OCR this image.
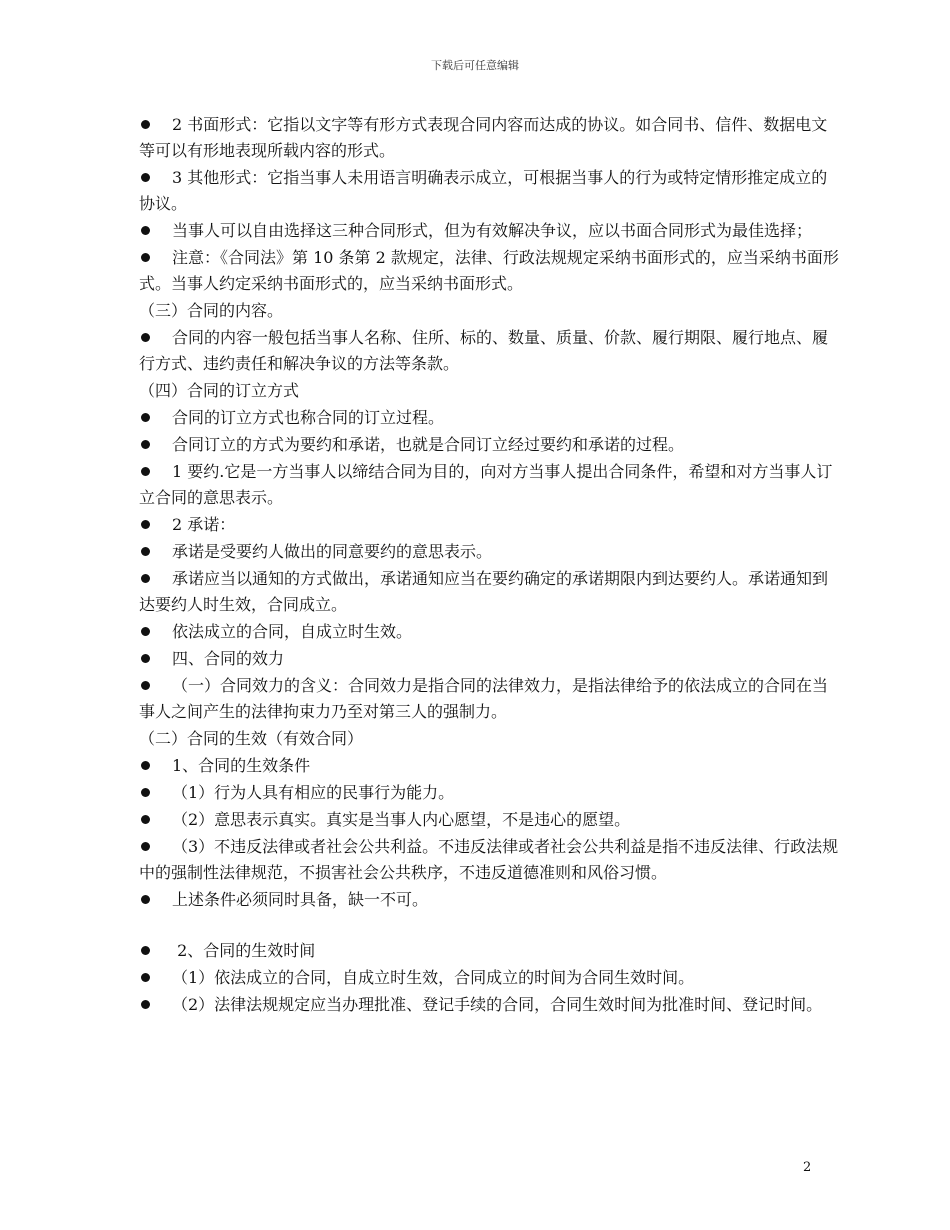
下载后可任意编辑
2 书面形式：它指以文字等有形方式表现合同内容而达成的协议。如合同书、信件、数据电文等可以有形地表现所载内容的形式。
3 其他形式：它指当事人未用语言明确表示成立，可根据当事人的行为或特定情形推定成立的协议。
当事人可以自由选择这三种合同形式，但为有效解决争议，应以书面合同形式为最佳选择；
注意：《合同法》第 10 条第 2 款规定，法律、行政法规规定采纳书面形式的，应当采纳书面形式。当事人约定采纳书面形式的，应当采纳书面形式。
（三）合同的内容。
合同的内容一般包括当事人名称、住所、标的、数量、质量、价款、履行期限、履行地点、履行方式、违约责任和解决争议的方法等条款。
（四）合同的订立方式
合同的订立方式也称合同的订立过程。
合同订立的方式为要约和承诺，也就是合同订立经过要约和承诺的过程。
1 要约.它是一方当事人以缔结合同为目的，向对方当事人提出合同条件，希望和对方当事人订立合同的意思表示。
2 承诺：
承诺是受要约人做出的同意要约的意思表示。
承诺应当以通知的方式做出，承诺通知应当在要约确定的承诺期限内到达要约人。承诺通知到达要约人时生效，合同成立。
依法成立的合同，自成立时生效。
四、合同的效力
（一）合同效力的含义：合同效力是指合同的法律效力，是指法律给予的依法成立的合同在当事人之间产生的法律拘束力乃至对第三人的强制力。
（二）合同的生效（有效合同）
1、合同的生效条件
（1）行为人具有相应的民事行为能力。
（2）意思表示真实。真实是当事人内心愿望，不是违心的愿望。
（3）不违反法律或者社会公共利益。不违反法律或者社会公共利益是指不违反法律、行政法规中的强制性法律规范，不损害社会公共秩序，不违反道德准则和风俗习惯。
上述条件必须同时具备，缺一不可。
2、合同的生效时间
（1）依法成立的合同，自成立时生效，合同成立的时间为合同生效时间。
（2）法律法规规定应当办理批准、登记手续的合同，合同生效时间为批准时间、登记时间。
2
